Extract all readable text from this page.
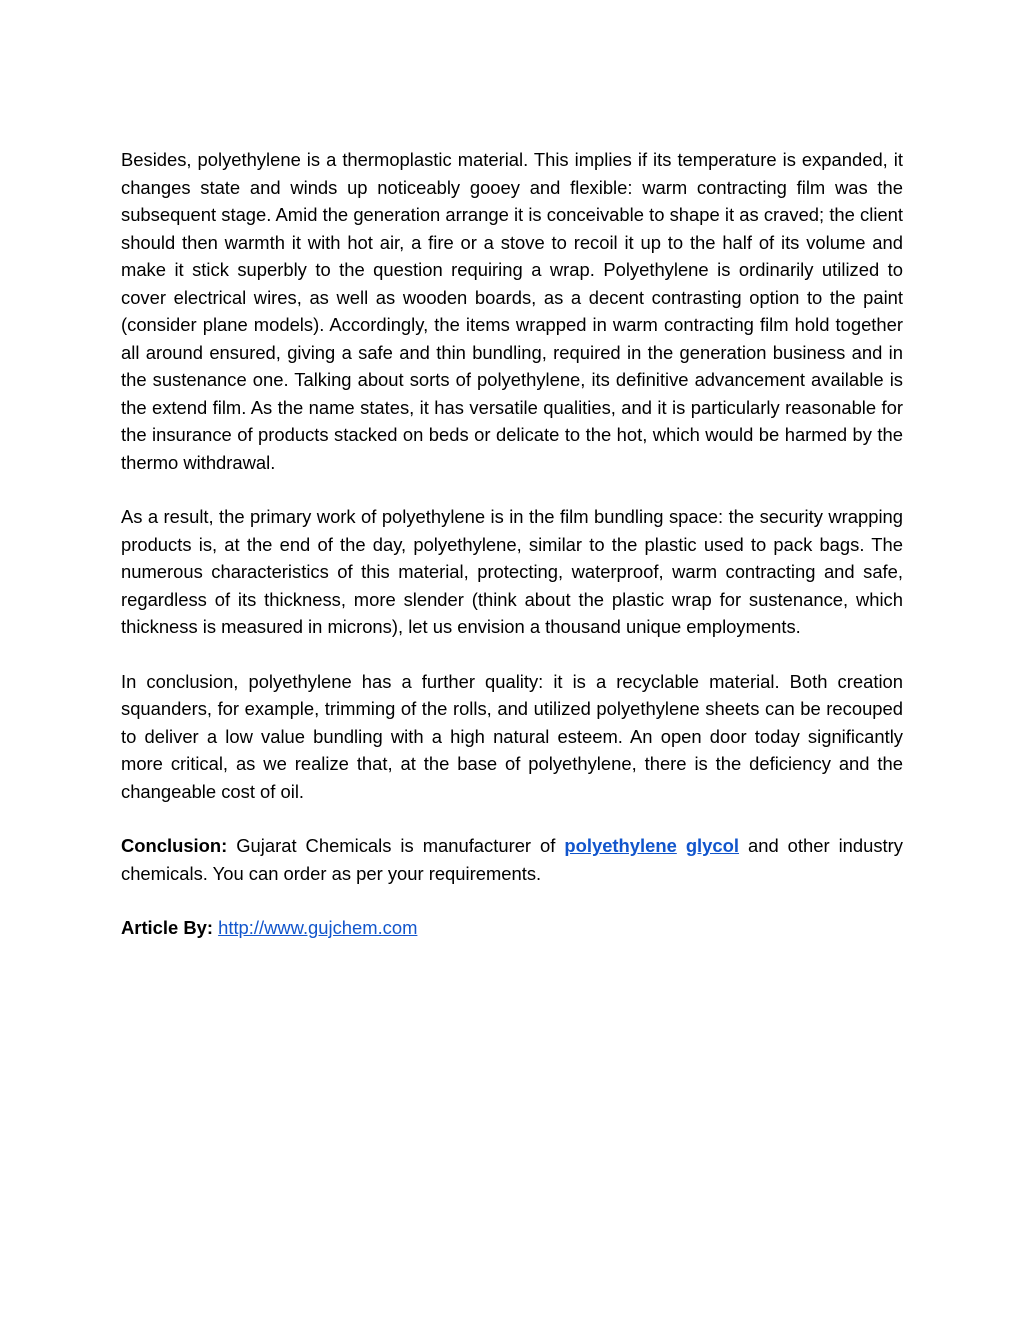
Besides, polyethylene is a thermoplastic material. This implies if its temperature is expanded, it changes state and winds up noticeably gooey and flexible: warm contracting film was the subsequent stage. Amid the generation arrange it is conceivable to shape it as craved; the client should then warmth it with hot air, a fire or a stove to recoil it up to the half of its volume and make it stick superbly to the question requiring a wrap. Polyethylene is ordinarily utilized to cover electrical wires, as well as wooden boards, as a decent contrasting option to the paint (consider plane models). Accordingly, the items wrapped in warm contracting film hold together all around ensured, giving a safe and thin bundling, required in the generation business and in the sustenance one. Talking about sorts of polyethylene, its definitive advancement available is the extend film. As the name states, it has versatile qualities, and it is particularly reasonable for the insurance of products stacked on beds or delicate to the hot, which would be harmed by the thermo withdrawal.

As a result, the primary work of polyethylene is in the film bundling space: the security wrapping products is, at the end of the day, polyethylene, similar to the plastic used to pack bags. The numerous characteristics of this material, protecting, waterproof, warm contracting and safe, regardless of its thickness, more slender (think about the plastic wrap for sustenance, which thickness is measured in microns), let us envision a thousand unique employments.

In conclusion, polyethylene has a further quality: it is a recyclable material. Both creation squanders, for example, trimming of the rolls, and utilized polyethylene sheets can be recouped to deliver a low value bundling with a high natural esteem. An open door today significantly more critical, as we realize that, at the base of polyethylene, there is the deficiency and the changeable cost of oil.

Conclusion: Gujarat Chemicals is manufacturer of polyethylene glycol and other industry chemicals. You can order as per your requirements.

Article By: http://www.gujchem.com
